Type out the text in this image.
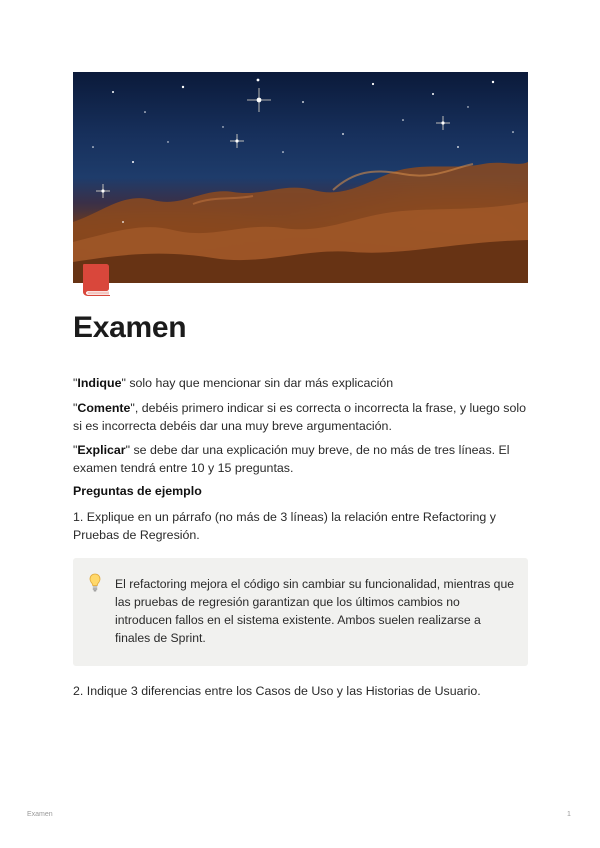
Examen

"Indique" solo hay que mencionar sin dar más explicación

"Comente", debéis primero indicar si es correcta o incorrecta la frase, y luego solo si es incorrecta debéis dar una muy breve argumentación.

"Explicar" se debe dar una explicación muy breve, de no más de tres líneas. El examen tendrá entre 10 y 15 preguntas.

Preguntas de ejemplo

1. Explique en un párrafo (no más de 3 líneas) la relación entre Refactoring y Pruebas de Regresión.

El refactoring mejora el código sin cambiar su funcionalidad, mientras que las pruebas de regresión garantizan que los últimos cambios no introducen fallos en el sistema existente. Ambos suelen realizarse a finales de Sprint.

2. Indique 3 diferencias entre los Casos de Uso y las Historias de Usuario.

Examen	1
